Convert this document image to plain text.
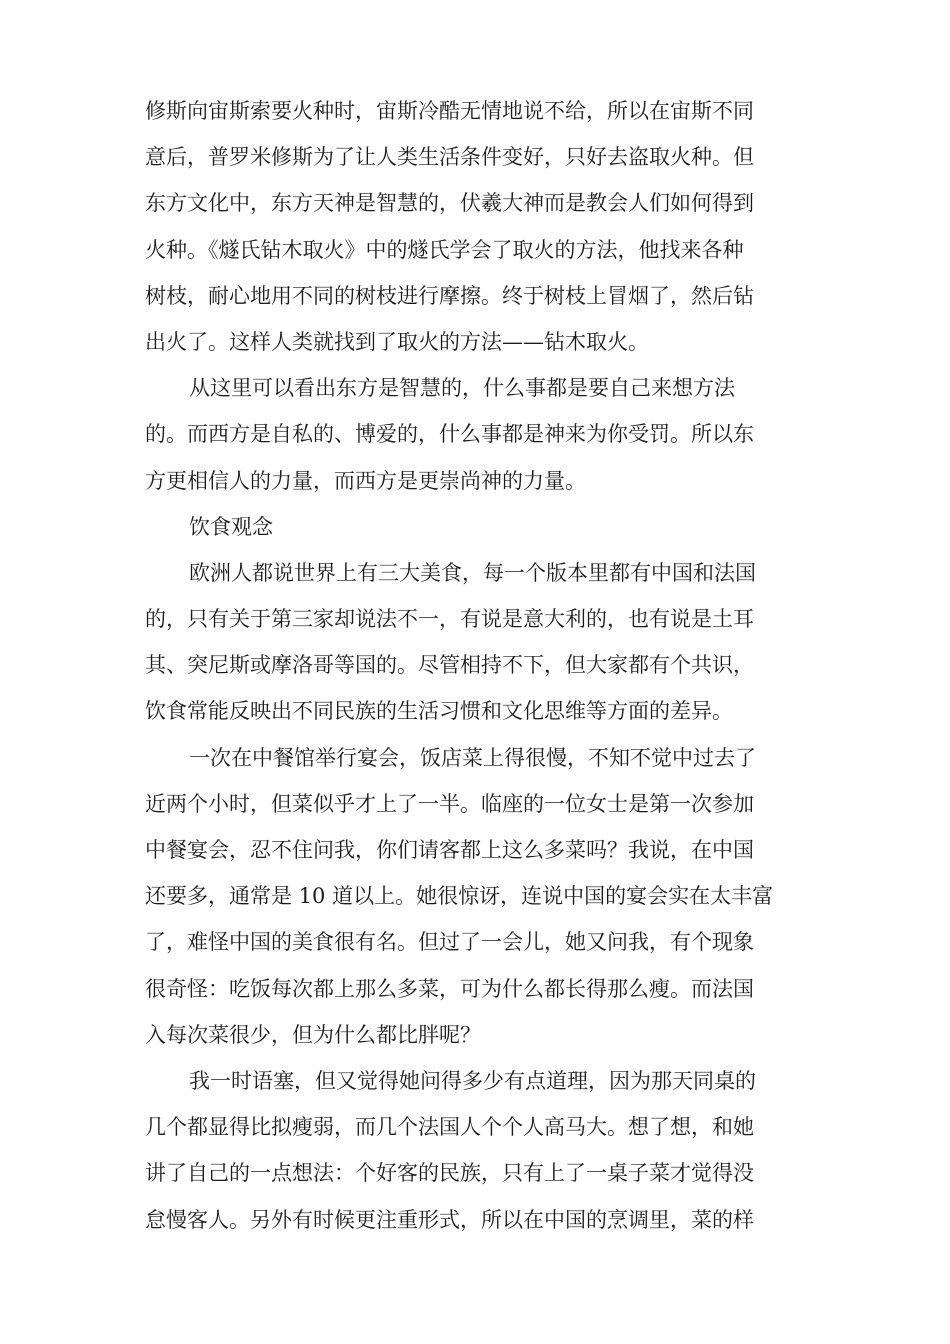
修斯向宙斯索要火种时，宙斯冷酷无情地说不给，所以在宙斯不同
意后，普罗米修斯为了让人类生活条件变好，只好去盗取火种。但
东方文化中，东方天神是智慧的，伏羲大神而是教会人们如何得到
火种。《燧氏钻木取火》中的燧氏学会了取火的方法，他找来各种
树枝，耐心地用不同的树枝进行摩擦。终于树枝上冒烟了，然后钻
出火了。这样人类就找到了取火的方法——钻木取火。
从这里可以看出东方是智慧的，什么事都是要自己来想方法
的。而西方是自私的、博爱的，什么事都是神来为你受罚。所以东
方更相信人的力量，而西方是更崇尚神的力量。
饮食观念
欧洲人都说世界上有三大美食，每一个版本里都有中国和法国
的，只有关于第三家却说法不一，有说是意大利的，也有说是土耳
其、突尼斯或摩洛哥等国的。尽管相持不下，但大家都有个共识，
饮食常能反映出不同民族的生活习惯和文化思维等方面的差异。
一次在中餐馆举行宴会，饭店菜上得很慢，不知不觉中过去了
近两个小时，但菜似乎才上了一半。临座的一位女士是第一次参加
中餐宴会，忍不住问我，你们请客都上这么多菜吗？我说，在中国
还要多，通常是 10 道以上。她很惊讶，连说中国的宴会实在太丰富
了，难怪中国的美食很有名。但过了一会儿，她又问我，有个现象
很奇怪：吃饭每次都上那么多菜，可为什么都长得那么瘦。而法国
入每次菜很少，但为什么都比胖呢？
我一时语塞，但又觉得她问得多少有点道理，因为那天同桌的
几个都显得比拟瘦弱，而几个法国人个个人高马大。想了想，和她
讲了自己的一点想法：个好客的民族，只有上了一桌子菜才觉得没
怠慢客人。另外有时候更注重形式，所以在中国的烹调里，菜的样
